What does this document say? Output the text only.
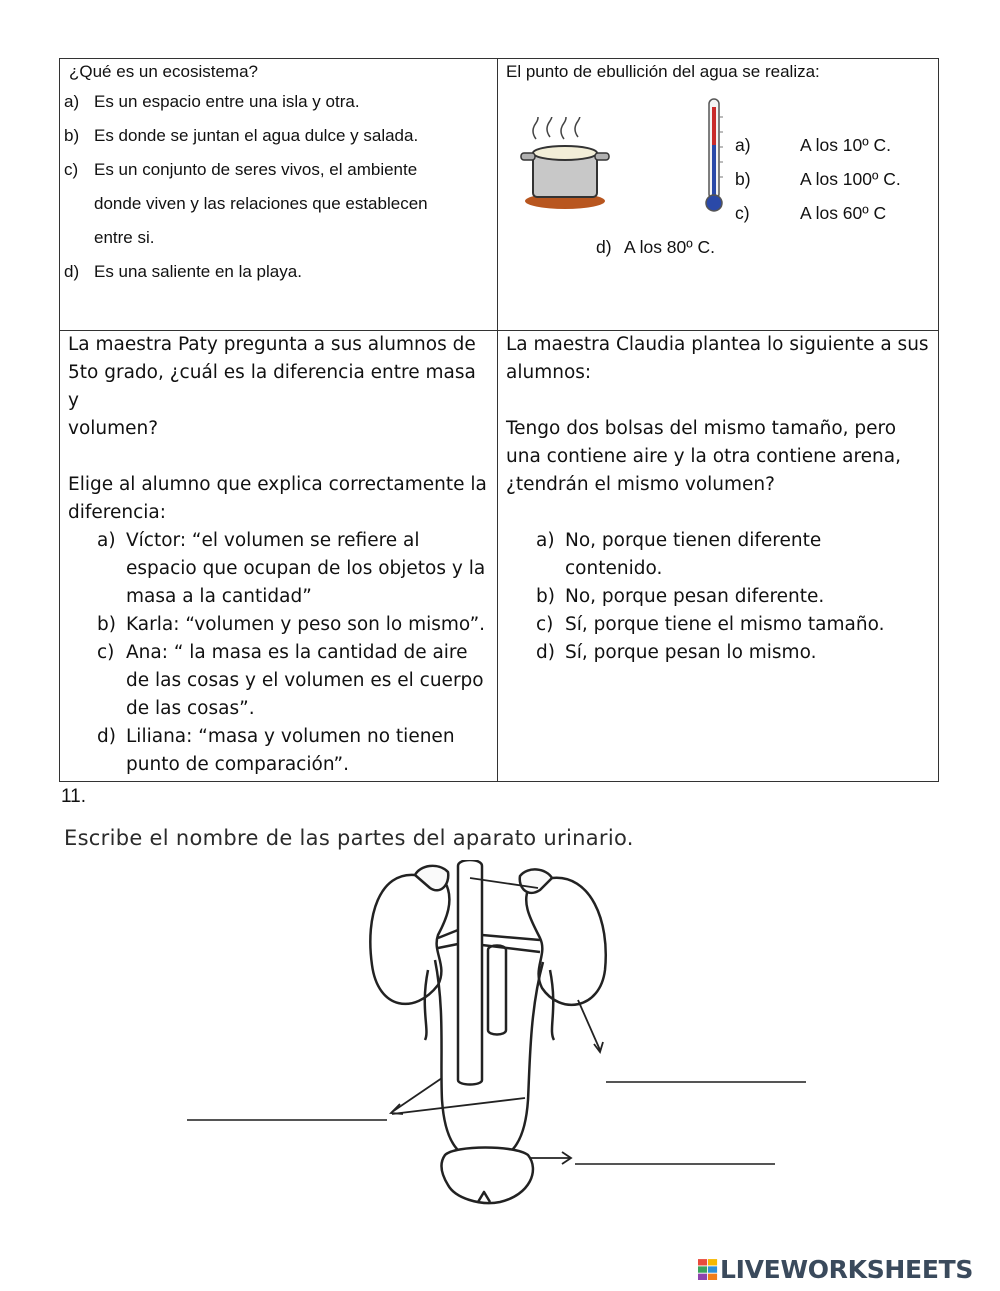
¿Qué es un ecosistema?
a) Es un espacio entre una isla y otra.
b) Es donde se juntan el agua dulce y salada.
c) Es un conjunto de seres vivos, el ambiente
donde viven y las relaciones que establecen
entre si.
d) Es una saliente en la playa.
El punto de ebullición del agua se realiza:
a)	A los 10º C.
b)	A los 100º C.
c)	A los 60º C
d) A los 80º C.
La maestra Paty pregunta a sus alumnos de
5to grado, ¿cuál es la diferencia entre masa y
volumen?
Elige al alumno que explica correctamente la
diferencia:
a) Víctor: “el volumen se refiere al
espacio que ocupan de los objetos y la
masa a la cantidad”
b) Karla: “volumen y peso son lo mismo”.
c) Ana: “ la masa es la cantidad de aire
de las cosas y el volumen es el cuerpo
de las cosas”.
d) Liliana: “masa y volumen no tienen
punto de comparación”.
La maestra Claudia plantea lo siguiente a sus
alumnos:
Tengo dos bolsas del mismo tamaño, pero
una contiene aire y la otra contiene arena,
¿tendrán el mismo volumen?
a) No, porque tienen diferente
contenido.
b) No, porque pesan diferente.
c) Sí, porque tiene el mismo tamaño.
d) Sí, porque pesan lo mismo.
11.
Escribe el nombre de las partes del aparato urinario.
LIVEWORKSHEETS
